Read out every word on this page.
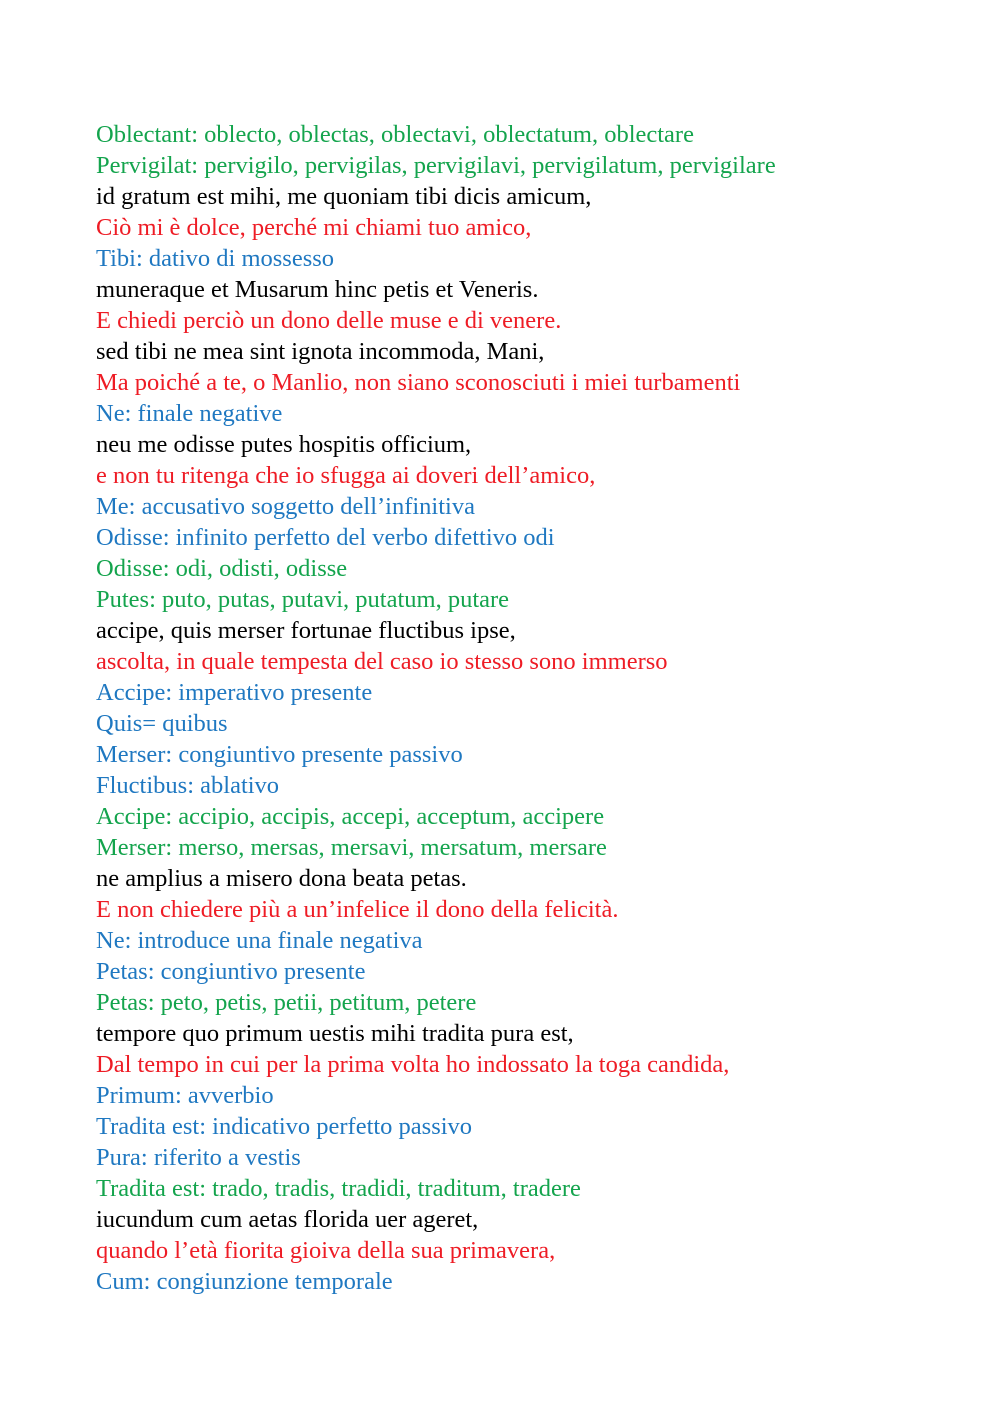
Oblectant: oblecto, oblectas, oblectavi, oblectatum, oblectare
Pervigilat: pervigilo, pervigilas, pervigilavi, pervigilatum, pervigilare
id gratum est mihi, me quoniam tibi dicis amicum,
Ciò mi è dolce, perché mi chiami tuo amico,
Tibi: dativo di mossesso
muneraque et Musarum hinc petis et Veneris.
E chiedi perciò un dono delle muse e di venere.
sed tibi ne mea sint ignota incommoda, Mani,
Ma poiché a te, o Manlio, non siano sconosciuti i miei turbamenti
Ne: finale negative
neu me odisse putes hospitis officium,
e non tu ritenga che io sfugga ai doveri dell’amico,
Me: accusativo soggetto dell’infinitiva
Odisse: infinito perfetto del verbo difettivo odi
Odisse: odi, odisti, odisse
Putes: puto, putas, putavi, putatum, putare
accipe, quis merser fortunae fluctibus ipse,
ascolta, in quale tempesta del caso io stesso sono immerso
Accipe: imperativo presente
Quis= quibus
Merser: congiuntivo presente passivo
Fluctibus: ablativo
Accipe: accipio, accipis, accepi, acceptum, accipere
Merser: merso, mersas, mersavi, mersatum, mersare
ne amplius a misero dona beata petas.
E non chiedere più a un’infelice il dono della felicità.
Ne: introduce una finale negativa
Petas: congiuntivo presente
Petas: peto, petis, petii, petitum, petere
tempore quo primum uestis mihi tradita pura est,
Dal tempo in cui per la prima volta ho indossato la toga candida,
Primum: avverbio
Tradita est: indicativo perfetto passivo
Pura: riferito a vestis
Tradita est: trado, tradis, tradidi, traditum, tradere
iucundum cum aetas florida uer ageret,
quando l’età fiorita gioiva della sua primavera,
Cum: congiunzione temporale
